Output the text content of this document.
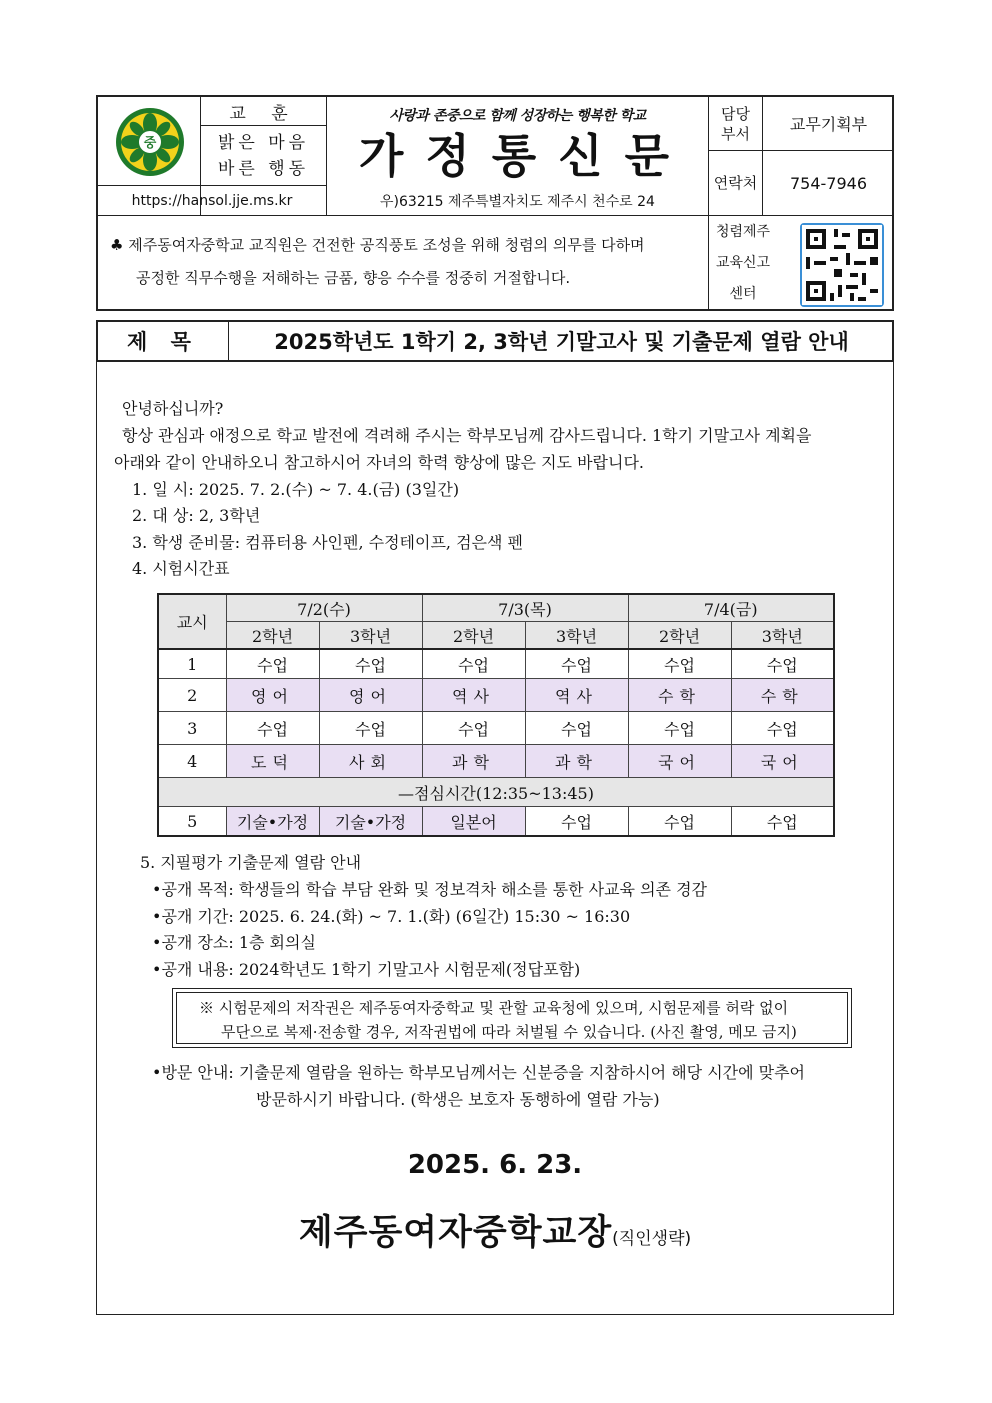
중
교 훈
밝은 마음
바른 행동
https://hansol.jje.ms.kr
사랑과 존중으로 함께 성장하는 행복한 학교
가정통신문
우)63215 제주특별자치도 제주시 천수로 24
담당
부서	교무기획부
연락처	754-7946
♣ 제주동여자중학교 교직원은 건전한 공직풍토 조성을 위해 청렴의 의무를 다하며
공정한 직무수행을 저해하는 금품, 향응 수수를 정중히 거절합니다.
청렴제주
교육신고
센터
제 목	2025학년도 1학기 2, 3학년 기말고사 및 기출문제 열람 안내
안녕하십니까?
항상 관심과 애정으로 학교 발전에 격려해 주시는 학부모님께 감사드립니다. 1학기 기말고사 계획을
아래와 같이 안내하오니 참고하시어 자녀의 학력 향상에 많은 지도 바랍니다.
1. 일 시: 2025. 7. 2.(수) ~ 7. 4.(금) (3일간)
2. 대 상: 2, 3학년
3. 학생 준비물: 컴퓨터용 사인펜, 수정테이프, 검은색 펜
4. 시험시간표
교시	7/2(수)		7/3(목)		7/4(금)	
	2학년	3학년	2학년	3학년	2학년	3학년
1	수업	수업	수업	수업	수업	수업
2	영어	영어	역사	역사	수학	수학
3	수업	수업	수업	수업	수업	수업
4	도덕	사회	과학	과학	국어	국어
—점심시간(12:35~13:45)						
5	기술•가정	기술•가정	일본어	수업	수업	수업
5. 지필평가 기출문제 열람 안내
•공개 목적: 학생들의 학습 부담 완화 및 정보격차 해소를 통한 사교육 의존 경감
•공개 기간: 2025. 6. 24.(화) ~ 7. 1.(화) (6일간) 15:30 ~ 16:30
•공개 장소: 1층 회의실
•공개 내용: 2024학년도 1학기 기말고사 시험문제(정답포함)
※ 시험문제의 저작권은 제주동여자중학교 및 관할 교육청에 있으며, 시험문제를 허락 없이
무단으로 복제·전송할 경우, 저작권법에 따라 처벌될 수 있습니다. (사진 촬영, 메모 금지)
•방문 안내: 기출문제 열람을 원하는 학부모님께서는 신분증을 지참하시어 해당 시간에 맞추어
방문하시기 바랍니다. (학생은 보호자 동행하에 열람 가능)
2025. 6. 23.
제주동여자중학교장(직인생략)
